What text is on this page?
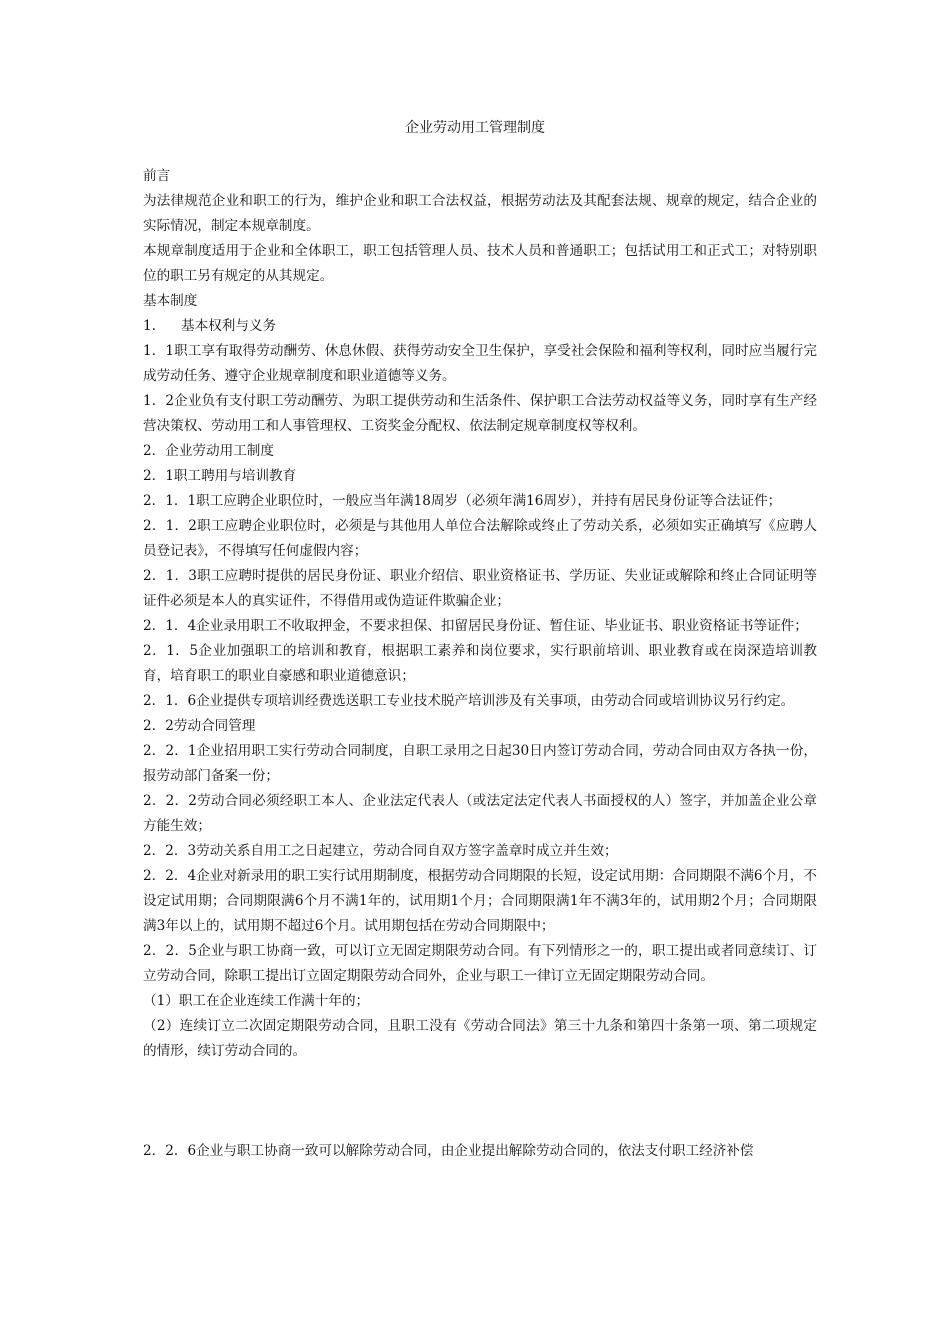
企业劳动用工管理制度

前言

为法律规范企业和职工的行为，维护企业和职工合法权益，根据劳动法及其配套法规、规章的规定，结合企业的实际情况，制定本规章制度。

本规章制度适用于企业和全体职工，职工包括管理人员、技术人员和普通职工；包括试用工和正式工；对特别职位的职工另有规定的从其规定。

基本制度

1. 基本权利与义务

1．1职工享有取得劳动酬劳、休息休假、获得劳动安全卫生保护，享受社会保险和福利等权利，同时应当履行完成劳动任务、遵守企业规章制度和职业道德等义务。

1．2企业负有支付职工劳动酬劳、为职工提供劳动和生活条件、保护职工合法劳动权益等义务，同时享有生产经营决策权、劳动用工和人事管理权、工资奖金分配权、依法制定规章制度权等权利。

2．企业劳动用工制度

2．1职工聘用与培训教育

2．1．1职工应聘企业职位时，一般应当年满18周岁（必须年满16周岁），并持有居民身份证等合法证件；

2．1．2职工应聘企业职位时，必须是与其他用人单位合法解除或终止了劳动关系，必须如实正确填写《应聘人员登记表》，不得填写任何虚假内容；

2．1．3职工应聘时提供的居民身份证、职业介绍信、职业资格证书、学历证、失业证或解除和终止合同证明等证件必须是本人的真实证件，不得借用或伪造证件欺骗企业；

2．1．4企业录用职工不收取押金，不要求担保、扣留居民身份证、暂住证、毕业证书、职业资格证书等证件；

2．1．5企业加强职工的培训和教育，根据职工素养和岗位要求，实行职前培训、职业教育或在岗深造培训教育，培育职工的职业自豪感和职业道德意识；

2．1．6企业提供专项培训经费选送职工专业技术脱产培训涉及有关事项，由劳动合同或培训协议另行约定。

2．2劳动合同管理

2．2．1企业招用职工实行劳动合同制度，自职工录用之日起30日内签订劳动合同，劳动合同由双方各执一份，报劳动部门备案一份；

2．2．2劳动合同必须经职工本人、企业法定代表人（或法定法定代表人书面授权的人）签字，并加盖企业公章方能生效；

2．2．3劳动关系自用工之日起建立，劳动合同自双方签字盖章时成立并生效；

2．2．4企业对新录用的职工实行试用期制度，根据劳动合同期限的长短，设定试用期：合同期限不满6个月，不设定试用期；合同期限满6个月不满1年的，试用期1个月；合同期限满1年不满3年的，试用期2个月；合同期限满3年以上的，试用期不超过6个月。试用期包括在劳动合同期限中；

2．2．5企业与职工协商一致，可以订立无固定期限劳动合同。有下列情形之一的，职工提出或者同意续订、订立劳动合同，除职工提出订立固定期限劳动合同外，企业与职工一律订立无固定期限劳动合同。

（1）职工在企业连续工作满十年的；

（2）连续订立二次固定期限劳动合同，且职工没有《劳动合同法》第三十九条和第四十条第一项、第二项规定的情形，续订劳动合同的。

2．2．6企业与职工协商一致可以解除劳动合同，由企业提出解除劳动合同的，依法支付职工经济补偿
